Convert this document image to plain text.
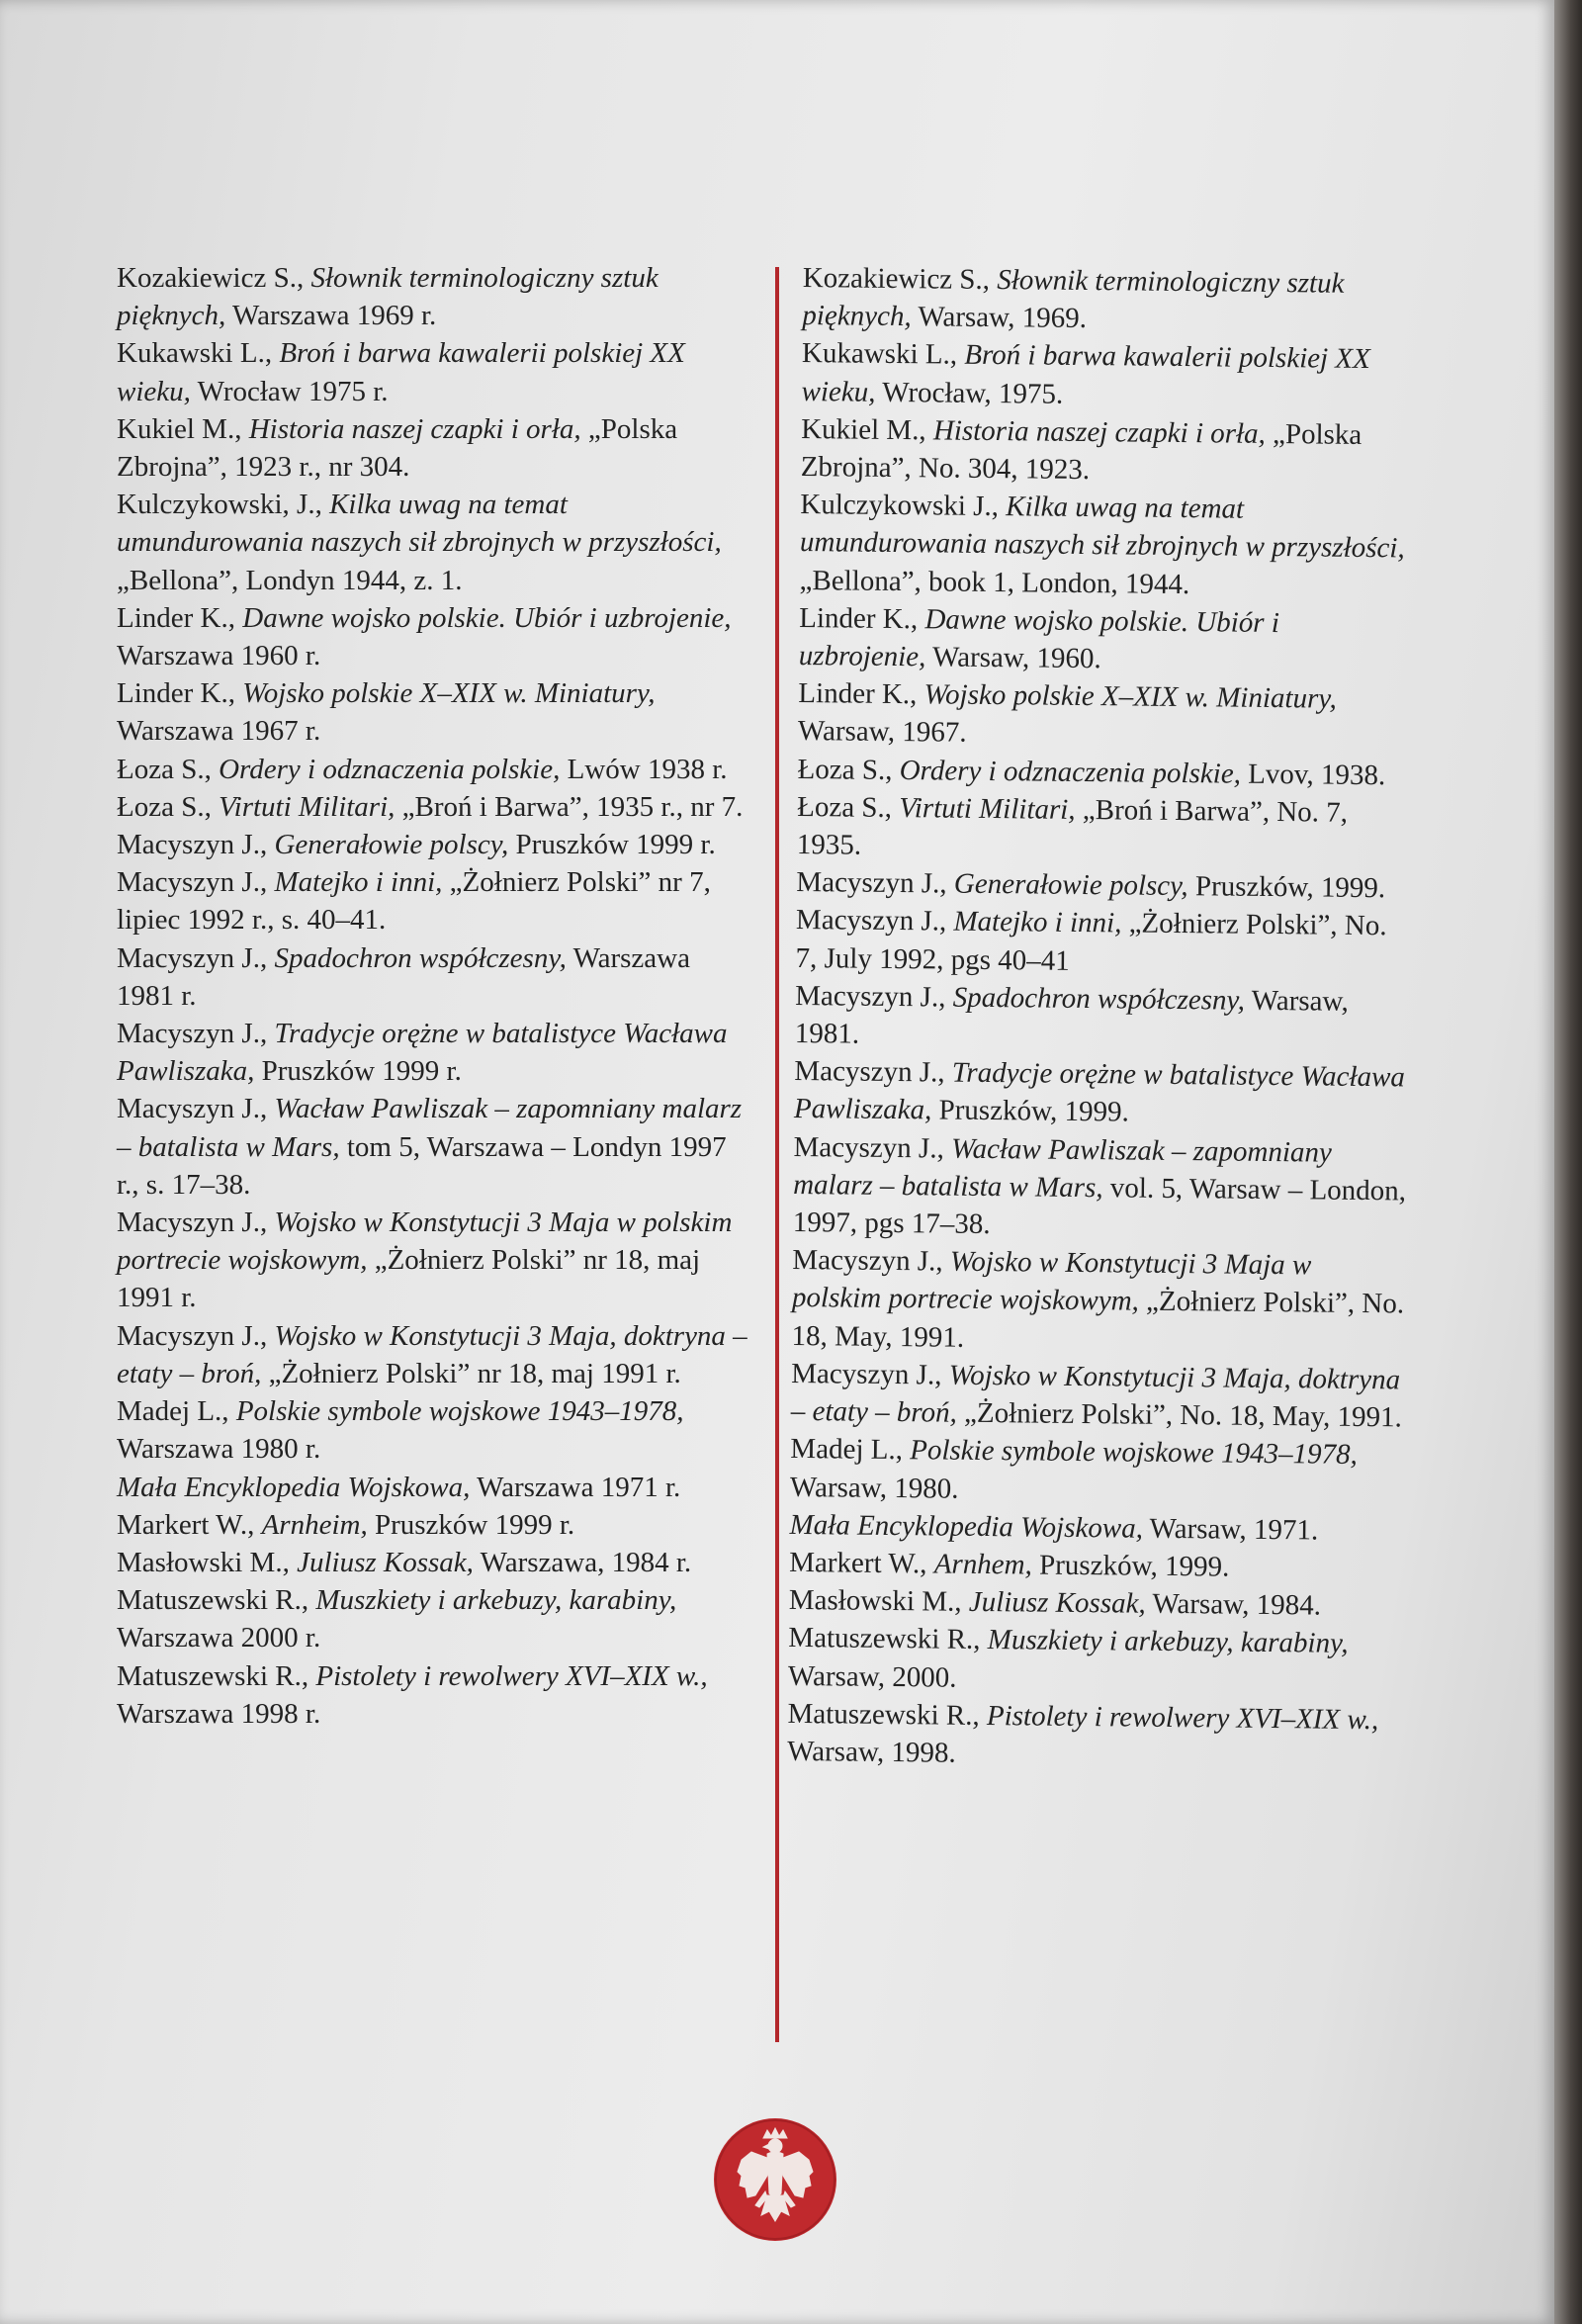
Kozakiewicz S., Słownik terminologiczny sztuk pięknych, Warszawa 1969 r.

Kukawski L., Broń i barwa kawalerii polskiej XX wieku, Wrocław 1975 r.

Kukiel M., Historia naszej czapki i orła, „Polska Zbrojna”, 1923 r., nr 304.

Kulczykowski, J., Kilka uwag na temat umundurowania naszych sił zbrojnych w przyszłości, „Bellona”, Londyn 1944, z. 1.

Linder K., Dawne wojsko polskie. Ubiór i uzbrojenie, Warszawa 1960 r.

Linder K., Wojsko polskie X–XIX w. Miniatury, Warszawa 1967 r.

Łoza S., Ordery i odznaczenia polskie, Lwów 1938 r.

Łoza S., Virtuti Militari, „Broń i Barwa”, 1935 r., nr 7.

Macyszyn J., Generałowie polscy, Pruszków 1999 r.

Macyszyn J., Matejko i inni, „Żołnierz Polski” nr 7, lipiec 1992 r., s. 40–41.

Macyszyn J., Spadochron współczesny, Warszawa 1981 r.

Macyszyn J., Tradycje orężne w batalistyce Wacława Pawliszaka, Pruszków 1999 r.

Macyszyn J., Wacław Pawliszak – zapomniany malarz – batalista w Mars, tom 5, Warszawa – Londyn 1997 r., s. 17–38.

Macyszyn J., Wojsko w Konstytucji 3 Maja w polskim portrecie wojskowym, „Żołnierz Polski” nr 18, maj 1991 r.

Macyszyn J., Wojsko w Konstytucji 3 Maja, doktryna – etaty – broń, „Żołnierz Polski” nr 18, maj 1991 r.

Madej L., Polskie symbole wojskowe 1943–1978, Warszawa 1980 r.

Mała Encyklopedia Wojskowa, Warszawa 1971 r.

Markert W., Arnheim, Pruszków 1999 r.

Masłowski M., Juliusz Kossak, Warszawa, 1984 r.

Matuszewski R., Muszkiety i arkebuzy, karabiny, Warszawa 2000 r.

Matuszewski R., Pistolety i rewolwery XVI–XIX w., Warszawa 1998 r.

Kozakiewicz S., Słownik terminologiczny sztuk pięknych, Warsaw, 1969.

Kukawski L., Broń i barwa kawalerii polskiej XX wieku, Wrocław, 1975.

Kukiel M., Historia naszej czapki i orła, „Polska Zbrojna”, No. 304, 1923.

Kulczykowski J., Kilka uwag na temat umundurowania naszych sił zbrojnych w przyszłości, „Bellona”, book 1, London, 1944.

Linder K., Dawne wojsko polskie. Ubiór i uzbrojenie, Warsaw, 1960.

Linder K., Wojsko polskie X–XIX w. Miniatury, Warsaw, 1967.

Łoza S., Ordery i odznaczenia polskie, Lvov, 1938.

Łoza S., Virtuti Militari, „Broń i Barwa”, No. 7, 1935.

Macyszyn J., Generałowie polscy, Pruszków, 1999.

Macyszyn J., Matejko i inni, „Żołnierz Polski”, No. 7, July 1992, pgs 40–41

Macyszyn J., Spadochron współczesny, Warsaw, 1981.

Macyszyn J., Tradycje orężne w batalistyce Wacława Pawliszaka, Pruszków, 1999.

Macyszyn J., Wacław Pawliszak – zapomniany malarz – batalista w Mars, vol. 5, Warsaw – London, 1997, pgs 17–38.

Macyszyn J., Wojsko w Konstytucji 3 Maja w polskim portrecie wojskowym, „Żołnierz Polski”, No. 18, May, 1991.

Macyszyn J., Wojsko w Konstytucji 3 Maja, doktryna – etaty – broń, „Żołnierz Polski”, No. 18, May, 1991.

Madej L., Polskie symbole wojskowe 1943–1978, Warsaw, 1980.

Mała Encyklopedia Wojskowa, Warsaw, 1971.

Markert W., Arnhem, Pruszków, 1999.

Masłowski M., Juliusz Kossak, Warsaw, 1984.

Matuszewski R., Muszkiety i arkebuzy, karabiny, Warsaw, 2000.

Matuszewski R., Pistolety i rewolwery XVI–XIX w., Warsaw, 1998.
